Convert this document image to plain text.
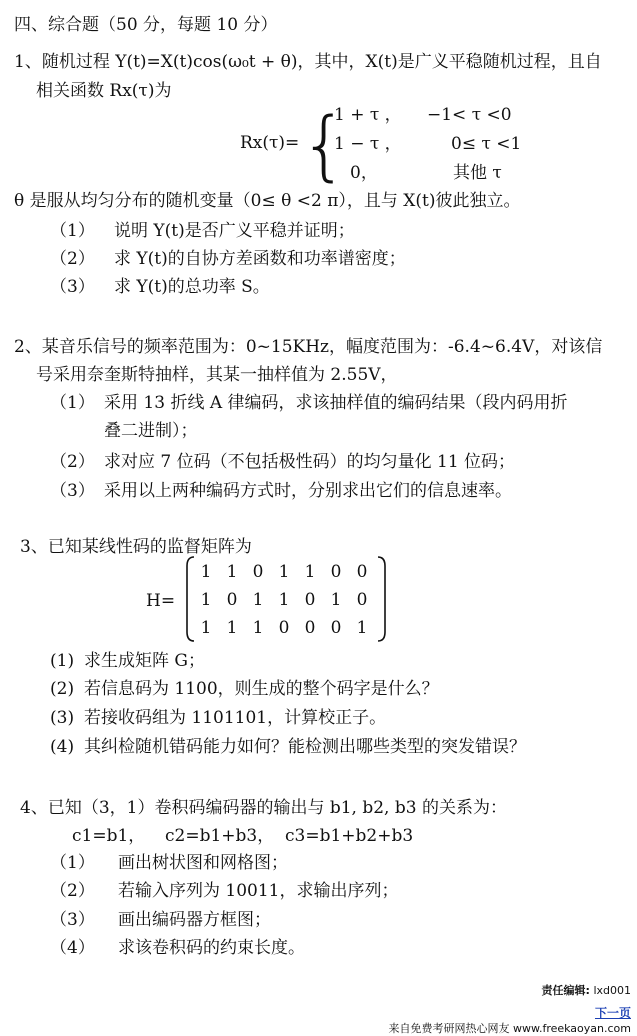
四、综合题（50 分，每题 10 分）
1、随机过程 Y(t)=X(t)cos(ω₀t + θ)，其中，X(t)是广义平稳随机过程，且自
相关函数 Rx(τ)为
Rx(τ)= {
1 + τ ， −1< τ <0
1 − τ ，	0≤ τ <1
0，	其他 τ
θ 是服从均匀分布的随机变量（0≤ θ <2 π），且与 X(t)彼此独立。
（1） 说明 Y(t)是否广义平稳并证明；
（2） 求 Y(t)的自协方差函数和功率谱密度；
（3） 求 Y(t)的总功率 S。
2、某音乐信号的频率范围为：0~15KHz，幅度范围为：-6.4~6.4V，对该信
号采用奈奎斯特抽样，其某一抽样值为 2.55V，
（1） 采用 13 折线 A 律编码，求该抽样值的编码结果（段内码用折
叠二进制）；
（2） 求对应 7 位码（不包括极性码）的均匀量化 11 位码；
（3） 采用以上两种编码方式时，分别求出它们的信息速率。
3、已知某线性码的监督矩阵为
H=
1 1 0 1 1 0 0
1 0 1 1 0 1 0
1 1 1 0 0 0 1
(1) 求生成矩阵 G；
(2) 若信息码为 1100，则生成的整个码字是什么？
(3) 若接收码组为 1101101，计算校正子。
(4) 其纠检随机错码能力如何？能检测出哪些类型的突发错误？
4、已知（3，1）卷积码编码器的输出与 b1, b2, b3 的关系为：
c1=b1， c2=b1+b3， c3=b1+b2+b3
（1） 画出树状图和网格图；
（2） 若输入序列为 10011，求输出序列；
（3） 画出编码器方框图；
（4） 求该卷积码的约束长度。
责任编辑: lxd001
下一页
来自免费考研网热心网友 www.freekaoyan.com
